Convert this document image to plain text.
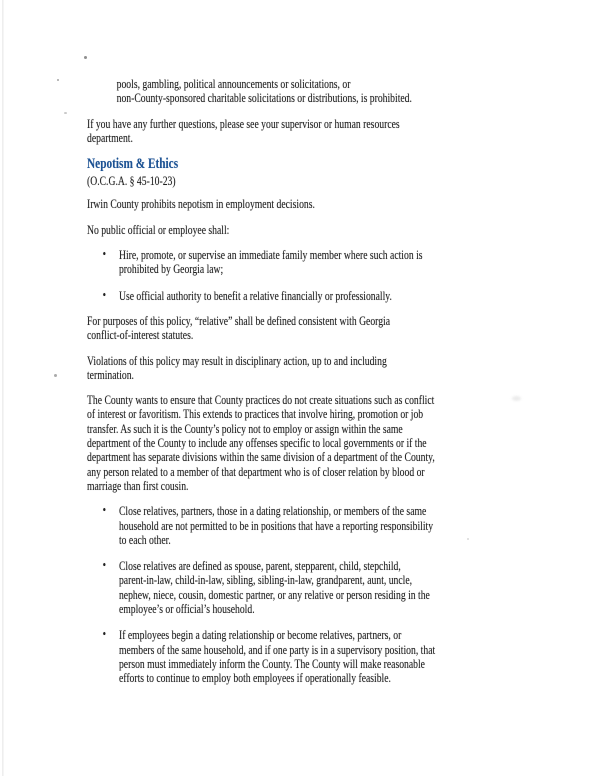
pools, gambling, political announcements or solicitations, or
non-County-sponsored charitable solicitations or distributions, is prohibited.
If you have any further questions, please see your supervisor or human resources
department.
Nepotism & Ethics
(O.C.G.A. § 45-10-23)
Irwin County prohibits nepotism in employment decisions.
No public official or employee shall:
• Hire, promote, or supervise an immediate family member where such action is
prohibited by Georgia law;
• Use official authority to benefit a relative financially or professionally.
For purposes of this policy, “relative” shall be defined consistent with Georgia
conflict-of-interest statutes.
Violations of this policy may result in disciplinary action, up to and including
termination.
The County wants to ensure that County practices do not create situations such as conflict
of interest or favoritism. This extends to practices that involve hiring, promotion or job
transfer. As such it is the County’s policy not to employ or assign within the same
department of the County to include any offenses specific to local governments or if the
department has separate divisions within the same division of a department of the County,
any person related to a member of that department who is of closer relation by blood or
marriage than first cousin.
• Close relatives, partners, those in a dating relationship, or members of the same
household are not permitted to be in positions that have a reporting responsibility
to each other.
• Close relatives are defined as spouse, parent, stepparent, child, stepchild,
parent-in-law, child-in-law, sibling, sibling-in-law, grandparent, aunt, uncle,
nephew, niece, cousin, domestic partner, or any relative or person residing in the
employee’s or official’s household.
• If employees begin a dating relationship or become relatives, partners, or
members of the same household, and if one party is in a supervisory position, that
person must immediately inform the County. The County will make reasonable
efforts to continue to employ both employees if operationally feasible.
